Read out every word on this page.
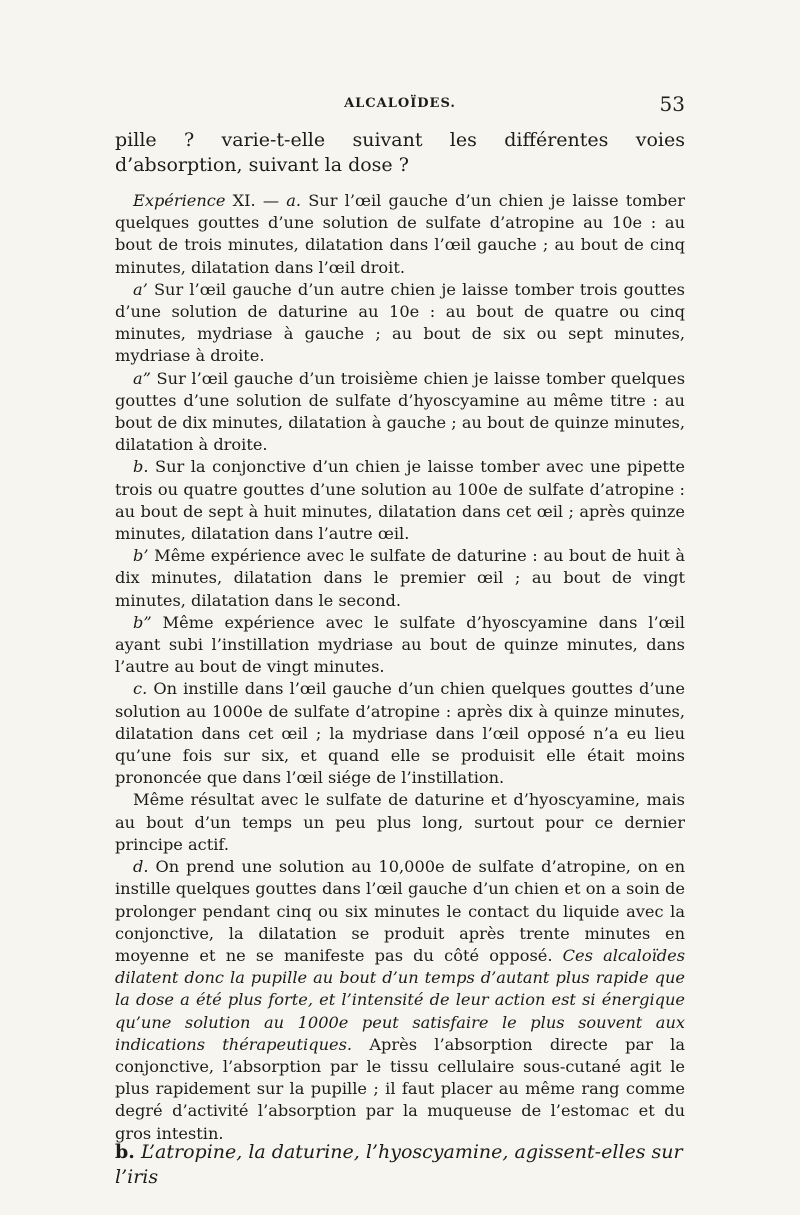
ALCALOÏDES.	53

pille ? varie-t-elle suivant les différentes voies d’absorption, suivant la dose ?

Expérience XI. — a. Sur l’œil gauche d’un chien je laisse tomber quelques gouttes d’une solution de sulfate d’atropine au 10e : au bout de trois minutes, dilatation dans l’œil gauche ; au bout de cinq minutes, dilatation dans l’œil droit.

a’ Sur l’œil gauche d’un autre chien je laisse tomber trois gouttes d’une solution de daturine au 10e : au bout de quatre ou cinq minutes, mydriase à gauche ; au bout de six ou sept minutes, mydriase à droite.

a” Sur l’œil gauche d’un troisième chien je laisse tomber quelques gouttes d’une solution de sulfate d’hyoscyamine au même titre : au bout de dix minutes, dilatation à gauche ; au bout de quinze minutes, dilatation à droite.

b. Sur la conjonctive d’un chien je laisse tomber avec une pipette trois ou quatre gouttes d’une solution au 100e de sulfate d’atropine : au bout de sept à huit minutes, dilatation dans cet œil ; après quinze minutes, dilatation dans l’autre œil.

b’ Même expérience avec le sulfate de daturine : au bout de huit à dix minutes, dilatation dans le premier œil ; au bout de vingt minutes, dilatation dans le second.

b” Même expérience avec le sulfate d’hyoscyamine dans l’œil ayant subi l’instillation mydriase au bout de quinze minutes, dans l’autre au bout de vingt minutes.

c. On instille dans l’œil gauche d’un chien quelques gouttes d’une solution au 1000e de sulfate d’atropine : après dix à quinze minutes, dilatation dans cet œil ; la mydriase dans l’œil opposé n’a eu lieu qu’une fois sur six, et quand elle se produisit elle était moins prononcée que dans l’œil siége de l’instillation.

Même résultat avec le sulfate de daturine et d’hyoscyamine, mais au bout d’un temps un peu plus long, surtout pour ce dernier principe actif.

d. On prend une solution au 10,000e de sulfate d’atropine, on en instille quelques gouttes dans l’œil gauche d’un chien et on a soin de prolonger pendant cinq ou six minutes le contact du liquide avec la conjonctive, la dilatation se produit après trente minutes en moyenne et ne se manifeste pas du côté opposé. Ces alcaloïdes dilatent donc la pupille au bout d’un temps d’autant plus rapide que la dose a été plus forte, et l’intensité de leur action est si énergique qu’une solution au 1000e peut satisfaire le plus souvent aux indications thérapeutiques. Après l’absorption directe par la conjonctive, l’absorption par le tissu cellulaire sous-cutané agit le plus rapidement sur la pupille ; il faut placer au même rang comme degré d’activité l’absorption par la muqueuse de l’estomac et du gros intestin.

b. L’atropine, la daturine, l’hyoscyamine, agissent-elles sur l’iris
